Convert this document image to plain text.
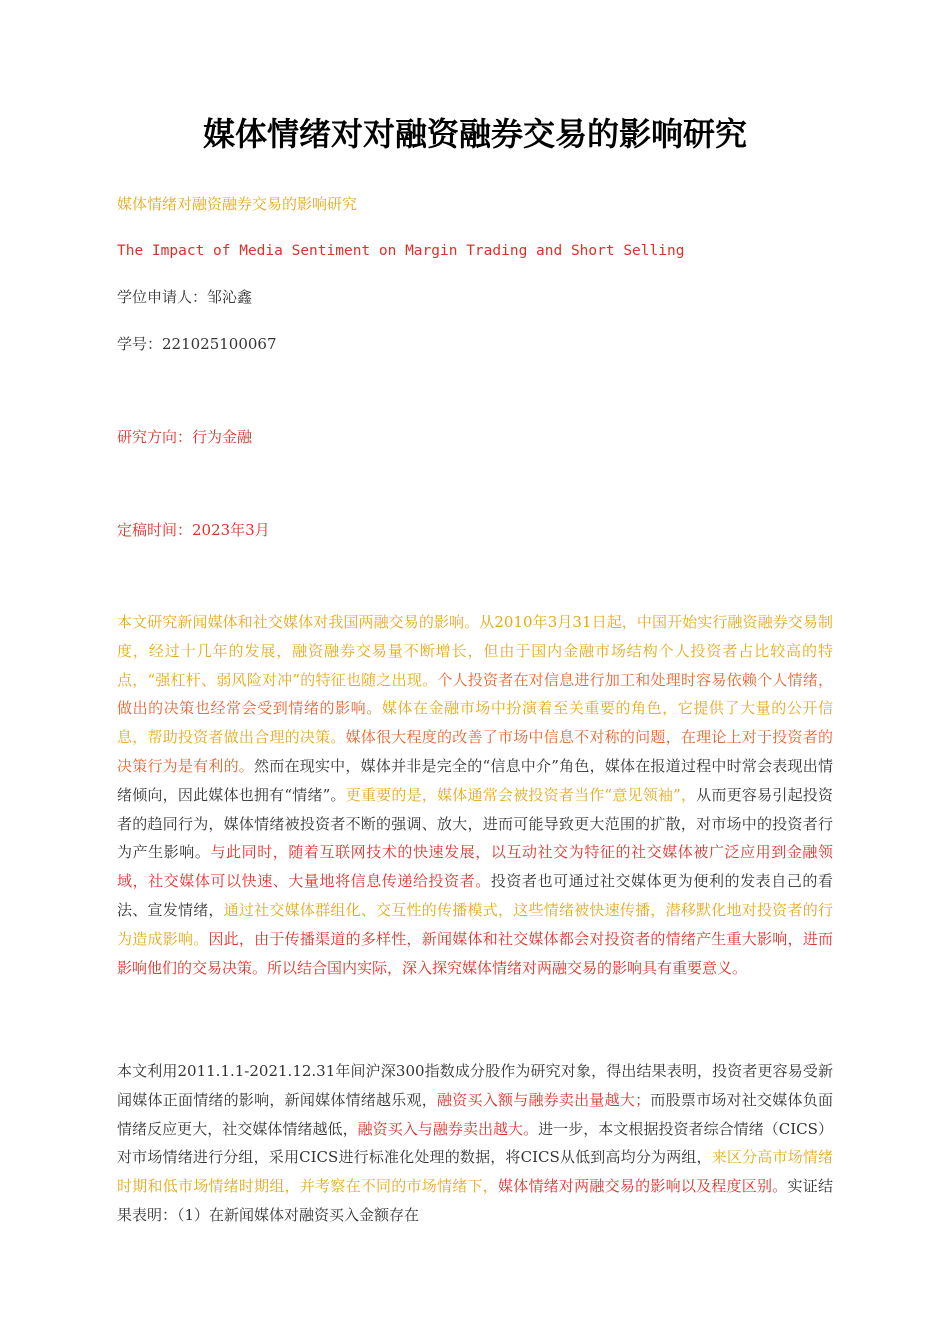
媒体情绪对对融资融券交易的影响研究
媒体情绪对融资融券交易的影响研究
The Impact of Media Sentiment on Margin Trading and Short Selling
学位申请人：邹沁鑫
学号：221025100067
研究方向：行为金融
定稿时间：2023年3月

本文研究新闻媒体和社交媒体对我国两融交易的影响。从2010年3月31日起，中国开始实行融资融券交易制度，经过十几年的发展，融资融券交易量不断增长，但由于国内金融市场结构个人投资者占比较高的特点，“强杠杆、弱风险对冲”的特征也随之出现。个人投资者在对信息进行加工和处理时容易依赖个人情绪，做出的决策也经常会受到情绪的影响。媒体在金融市场中扮演着至关重要的角色，它提供了大量的公开信息，帮助投资者做出合理的决策。媒体很大程度的改善了市场中信息不对称的问题，在理论上对于投资者的决策行为是有利的。然而在现实中，媒体并非是完全的“信息中介”角色，媒体在报道过程中时常会表现出情绪倾向，因此媒体也拥有“情绪”。更重要的是，媒体通常会被投资者当作“意见领袖”，从而更容易引起投资者的趋同行为，媒体情绪被投资者不断的强调、放大，进而可能导致更大范围的扩散，对市场中的投资者行为产生影响。与此同时，随着互联网技术的快速发展，以互动社交为特征的社交媒体被广泛应用到金融领域，社交媒体可以快速、大量地将信息传递给投资者。投资者也可通过社交媒体更为便利的发表自己的看法、宣发情绪，通过社交媒体群组化、交互性的传播模式，这些情绪被快速传播，潜移默化地对投资者的行为造成影响。因此，由于传播渠道的多样性，新闻媒体和社交媒体都会对投资者的情绪产生重大影响，进而影响他们的交易决策。所以结合国内实际，深入探究媒体情绪对两融交易的影响具有重要意义。

本文利用2011.1.1-2021.12.31年间沪深300指数成分股作为研究对象，得出结果表明，投资者更容易受新闻媒体正面情绪的影响，新闻媒体情绪越乐观，融资买入额与融券卖出量越大；而股票市场对社交媒体负面情绪反应更大，社交媒体情绪越低，融资买入与融券卖出越大。进一步，本文根据投资者综合情绪（CICS）对市场情绪进行分组，采用CICS进行标准化处理的数据，将CICS从低到高均分为两组，来区分高市场情绪时期和低市场情绪时期组，并考察在不同的市场情绪下，媒体情绪对两融交易的影响以及程度区别。实证结果表明：（1）在新闻媒体对融资买入金额存在
